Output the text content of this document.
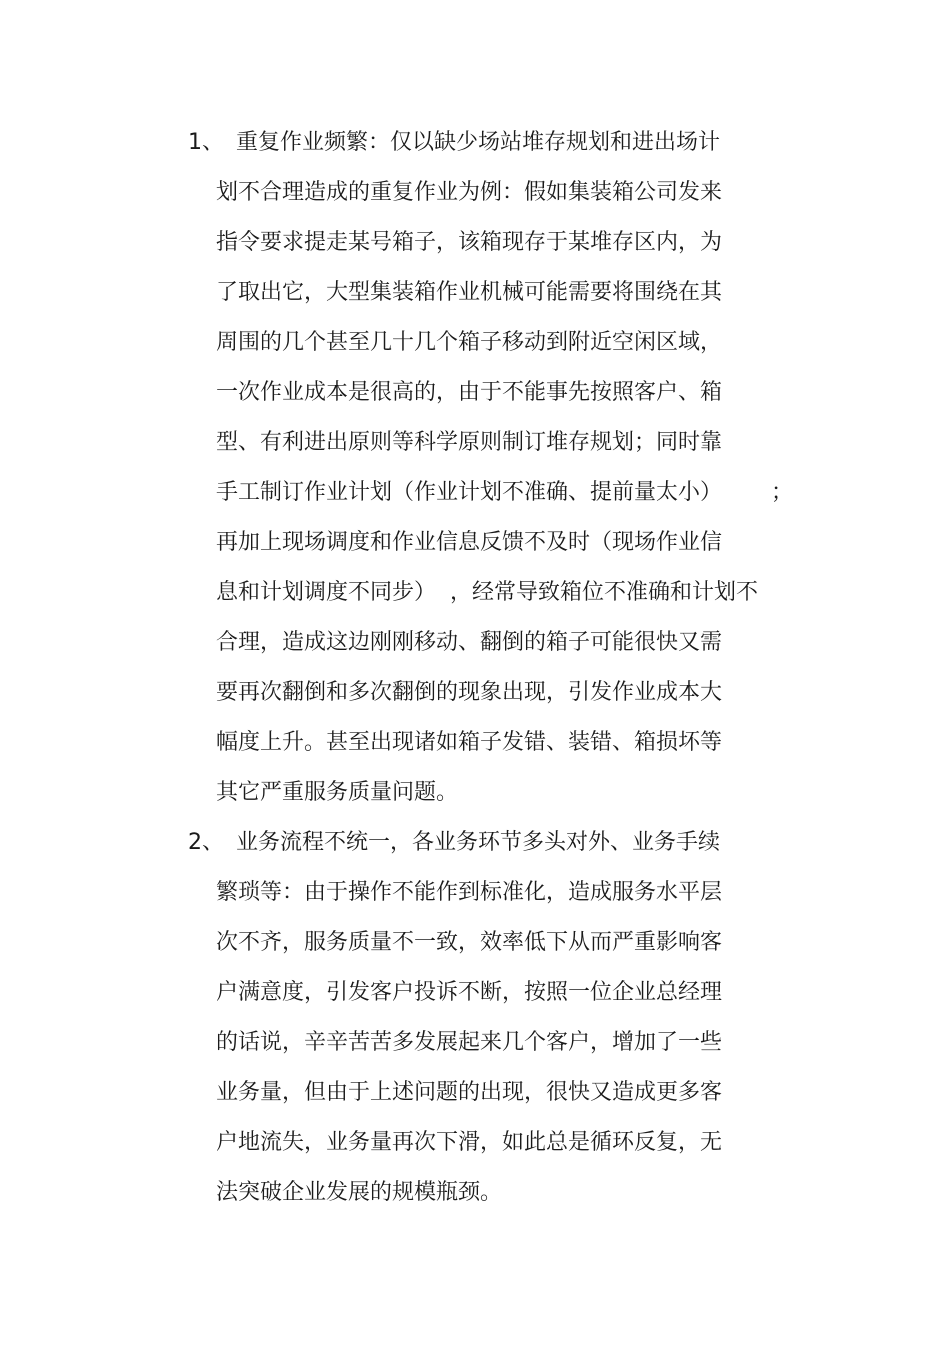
1、 重复作业频繁：仅以缺少场站堆存规划和进出场计
划不合理造成的重复作业为例：假如集装箱公司发来
指令要求提走某号箱子，该箱现存于某堆存区内，为
了取出它，大型集装箱作业机械可能需要将围绕在其
周围的几个甚至几十几个箱子移动到附近空闲区域，
一次作业成本是很高的，由于不能事先按照客户、箱
型、有利进出原则等科学原则制订堆存规划；同时靠
手工制订作业计划（作业计划不准确、提前量太小）       ；
再加上现场调度和作业信息反馈不及时（现场作业信
息和计划调度不同步）  ，经常导致箱位不准确和计划不
合理，造成这边刚刚移动、翻倒的箱子可能很快又需
要再次翻倒和多次翻倒的现象出现，引发作业成本大
幅度上升。甚至出现诸如箱子发错、装错、箱损坏等
其它严重服务质量问题。
2、 业务流程不统一，各业务环节多头对外、业务手续
繁琐等：由于操作不能作到标准化，造成服务水平层
次不齐，服务质量不一致，效率低下从而严重影响客
户满意度，引发客户投诉不断，按照一位企业总经理
的话说，辛辛苦苦多发展起来几个客户，增加了一些
业务量，但由于上述问题的出现，很快又造成更多客
户地流失，业务量再次下滑，如此总是循环反复，无
法突破企业发展的规模瓶颈。
